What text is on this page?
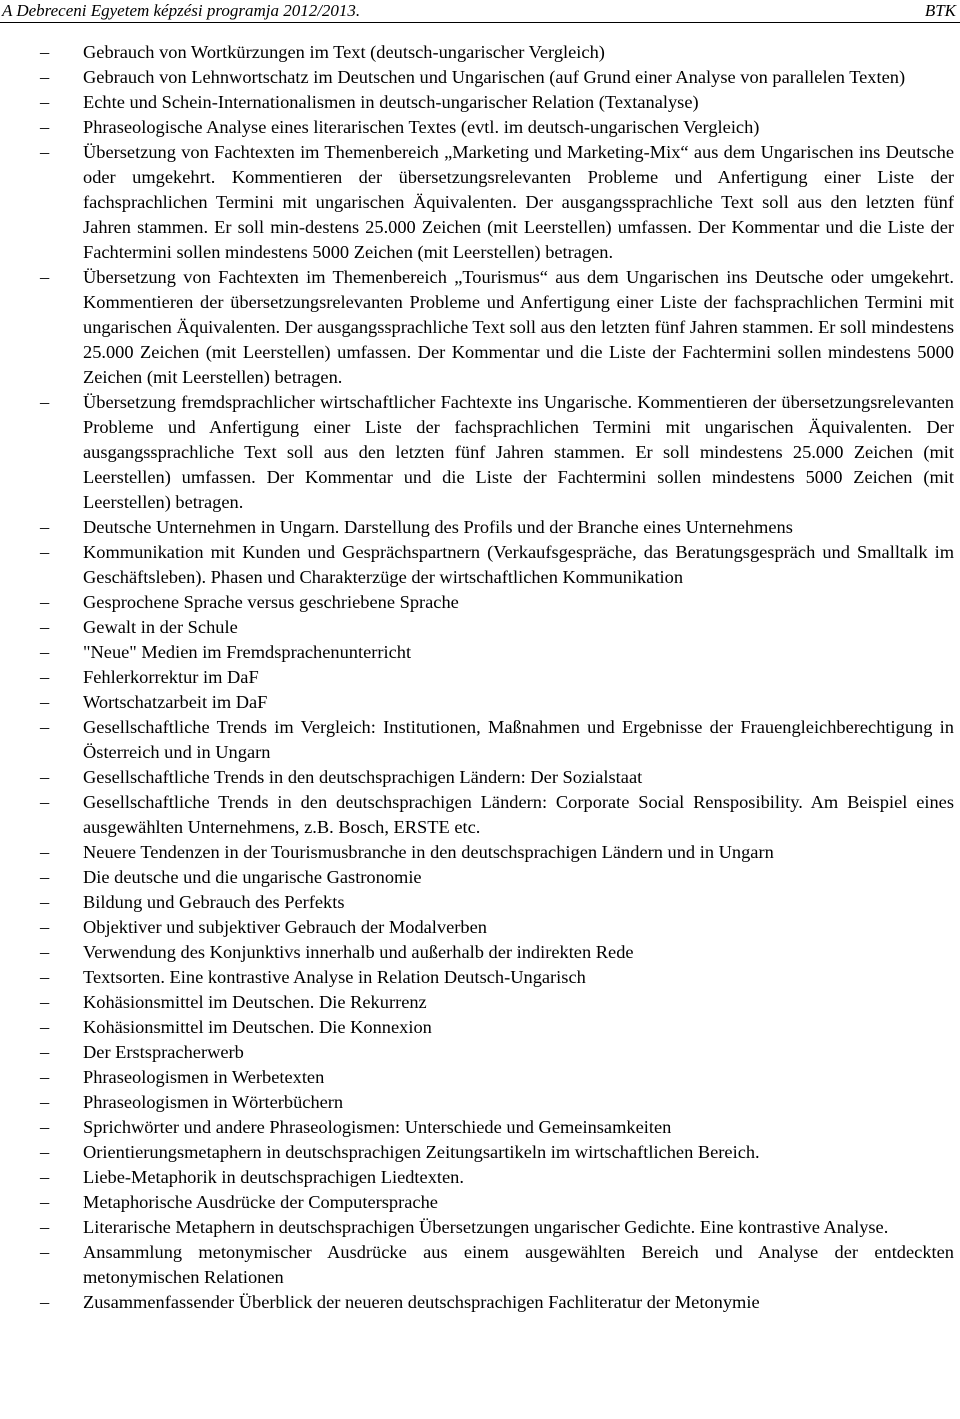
A Debreceni Egyetem képzési programja 2012/2013.	BTK
–	Gebrauch von Wortkürzungen im Text (deutsch-ungarischer Vergleich)
–	Gebrauch von Lehnwortschatz im Deutschen und Ungarischen (auf Grund einer Analyse von parallelen Texten)
–	Echte und Schein-Internationalismen in deutsch-ungarischer Relation (Textanalyse)
–	Phraseologische Analyse eines literarischen Textes (evtl. im deutsch-ungarischen Vergleich)
–	Übersetzung von Fachtexten im Themenbereich „Marketing und Marketing-Mix“ aus dem Ungarischen ins Deutsche oder umgekehrt. Kommentieren der übersetzungsrelevanten Probleme und Anfertigung einer Liste der fachsprachlichen Termini mit ungarischen Äquivalenten. Der ausgangssprachliche Text soll aus den letzten fünf Jahren stammen. Er soll min-destens 25.000 Zeichen (mit Leerstellen) umfassen. Der Kommentar und die Liste der Fachtermini sollen mindestens 5000 Zeichen (mit Leerstellen) betragen.
–	Übersetzung von Fachtexten im Themenbereich „Tourismus“ aus dem Ungarischen ins Deutsche oder umgekehrt. Kommentieren der übersetzungsrelevanten Probleme und Anfertigung einer Liste der fachsprachlichen Termini mit ungarischen Äquivalenten. Der ausgangssprachliche Text soll aus den letzten fünf Jahren stammen. Er soll mindestens 25.000 Zeichen (mit Leerstellen) umfassen. Der Kommentar und die Liste der Fachtermini sollen mindestens 5000 Zeichen (mit Leerstellen) betragen.
–	Übersetzung fremdsprachlicher wirtschaftlicher Fachtexte ins Ungarische. Kommentieren der übersetzungsrelevanten Probleme und Anfertigung einer Liste der fachsprachlichen Termini mit ungarischen Äquivalenten. Der ausgangssprachliche Text soll aus den letzten fünf Jahren stammen. Er soll mindestens 25.000 Zeichen (mit Leerstellen) umfassen. Der Kommentar und die Liste der Fachtermini sollen mindestens 5000 Zeichen (mit Leerstellen) betragen.
–	Deutsche Unternehmen in Ungarn. Darstellung des Profils und der Branche eines Unternehmens
–	Kommunikation mit Kunden und Gesprächspartnern (Verkaufsgespräche, das Beratungsgespräch und Smalltalk im Geschäftsleben). Phasen und Charakterzüge der wirtschaftlichen Kommunikation
–	Gesprochene Sprache versus geschriebene Sprache
–	Gewalt in der Schule
–	"Neue" Medien im Fremdsprachenunterricht
–	Fehlerkorrektur im DaF
–	Wortschatzarbeit im DaF
–	Gesellschaftliche Trends im Vergleich: Institutionen, Maßnahmen und Ergebnisse der Frauengleichberechtigung in Österreich und in Ungarn
–	Gesellschaftliche Trends in den deutschsprachigen Ländern: Der Sozialstaat
–	Gesellschaftliche Trends in den deutschsprachigen Ländern: Corporate Social Rensposibility. Am Beispiel eines ausgewählten Unternehmens, z.B. Bosch, ERSTE etc.
–	Neuere Tendenzen in der Tourismusbranche in den deutschsprachigen Ländern und in Ungarn
–	Die deutsche und die ungarische Gastronomie
–	Bildung und Gebrauch des Perfekts
–	Objektiver und subjektiver Gebrauch der Modalverben
–	Verwendung des Konjunktivs innerhalb und außerhalb der indirekten Rede
–	Textsorten. Eine kontrastive Analyse in Relation Deutsch-Ungarisch
–	Kohäsionsmittel im Deutschen. Die Rekurrenz
–	Kohäsionsmittel im Deutschen. Die Konnexion
–	Der Erstspracherwerb
–	Phraseologismen in Werbetexten
–	Phraseologismen in Wörterbüchern
–	Sprichwörter und andere Phraseologismen: Unterschiede und Gemeinsamkeiten
–	Orientierungsmetaphern in deutschsprachigen Zeitungsartikeln im wirtschaftlichen Bereich.
–	Liebe-Metaphorik in deutschsprachigen Liedtexten.
–	Metaphorische Ausdrücke der Computersprache
–	Literarische Metaphern in deutschsprachigen Übersetzungen ungarischer Gedichte. Eine kontrastive Analyse.
–	Ansammlung metonymischer Ausdrücke aus einem ausgewählten Bereich und Analyse der entdeckten metonymischen Relationen
–	Zusammenfassender Überblick der neueren deutschsprachigen Fachliteratur der Metonymie
